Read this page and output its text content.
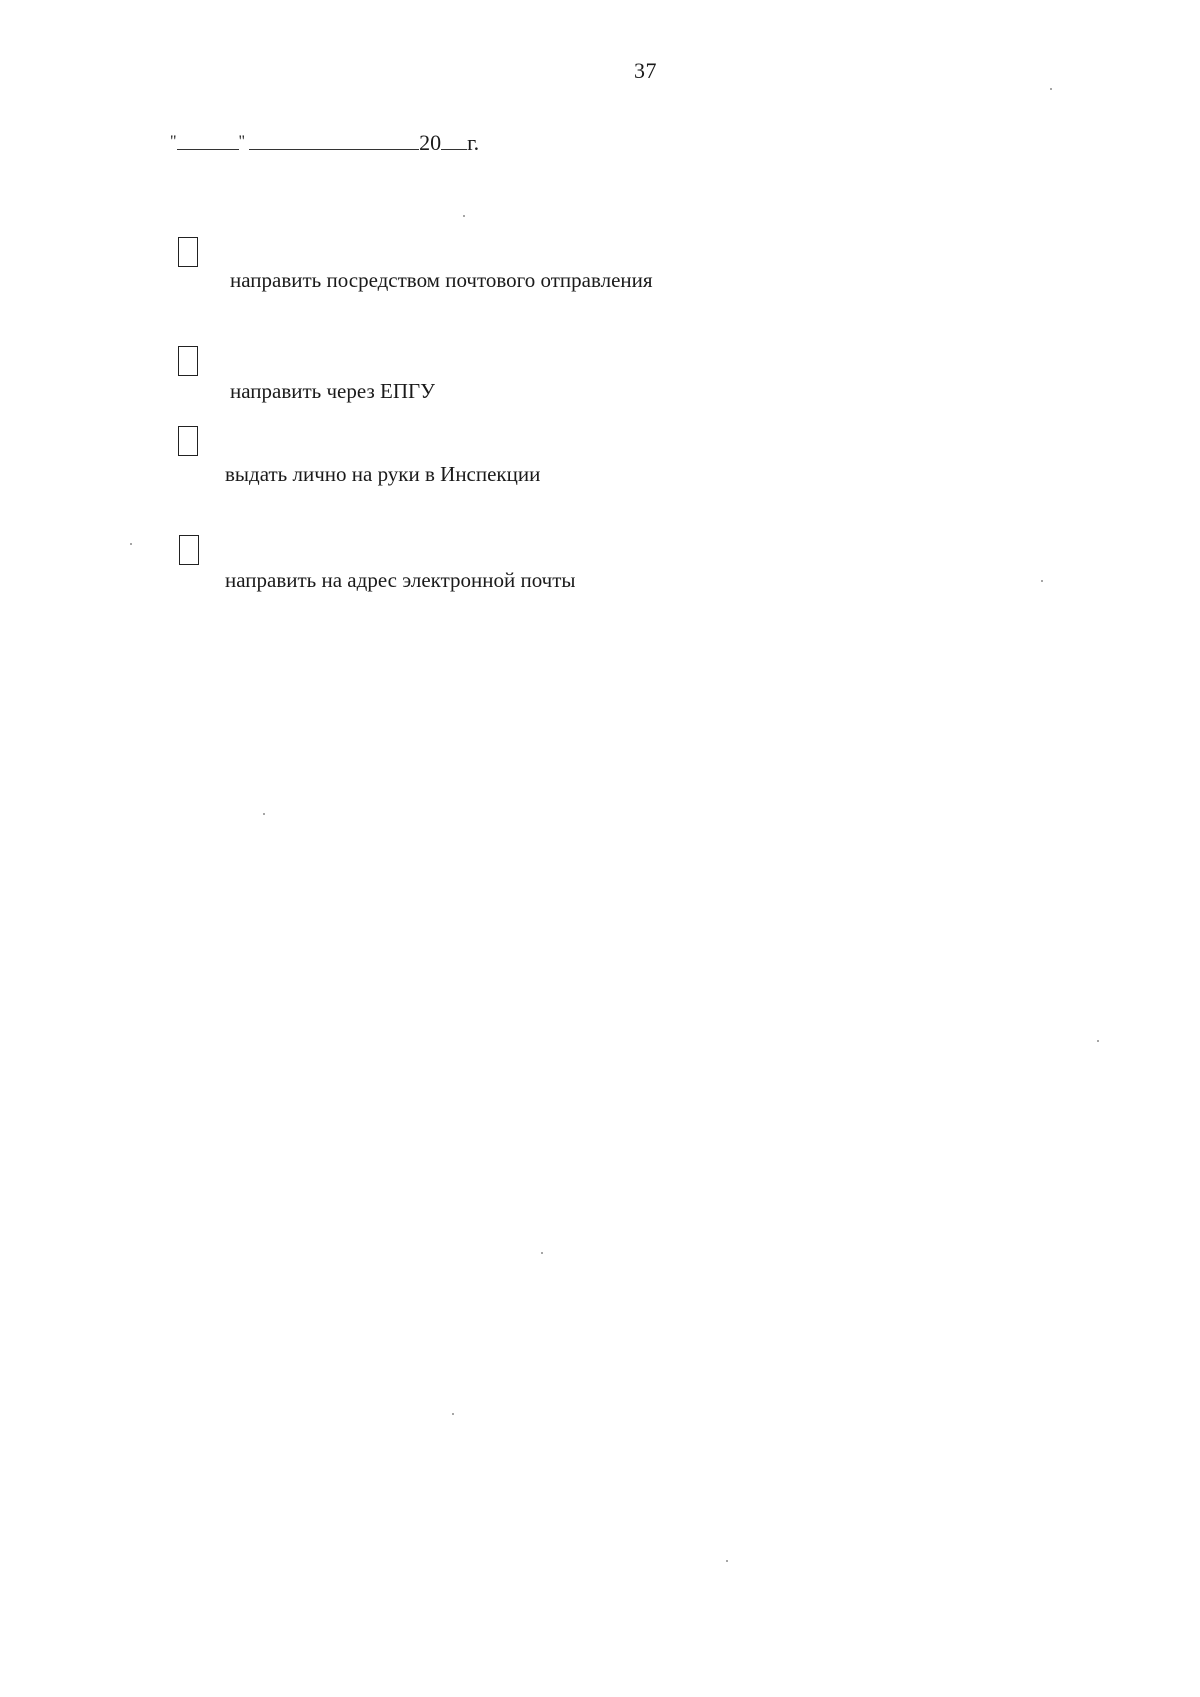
37
"	"	20 г.
направить посредством почтового отправления
направить через ЕПГУ
выдать лично на руки в Инспекции
направить на адрес электронной почты
